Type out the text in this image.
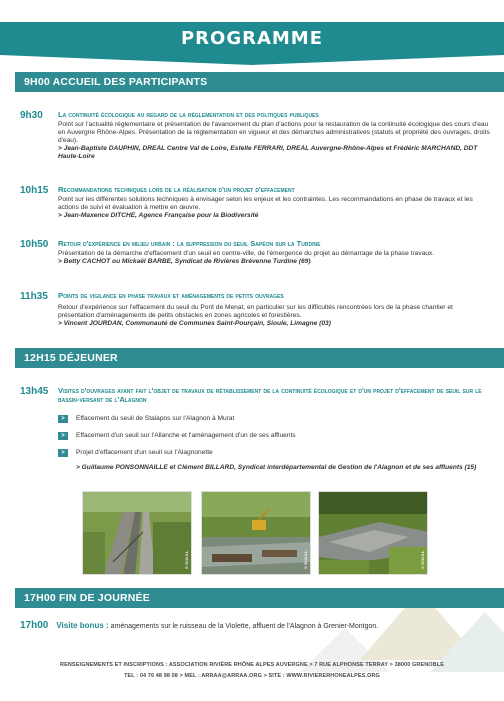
PROGRAMME
9H00 ACCUEIL DES PARTICIPANTS
9h30 La continuité écologique au regard de la réglementation et des politiques publiques
Point sur l'actualité réglementaire et présentation de l'avancement du plan d'actions pour la restauration de la continuité écologique des cours d'eau en Auvergne Rhône-Alpes. Présentation de la réglementation en vigueur et des démarches administratives (statuts et propriété des ouvrages, droits d'eau).
> Jean-Baptiste DAUPHIN, DREAL Centre Val de Loire, Estelle FERRARI, DREAL Auvergne-Rhône-Alpes et Frédéric MARCHAND, DDT Haute-Loire
10h15 Recommandations techniques lors de la réalisation d'un projet d'effacement
Point sur les différentes solutions techniques à envisager selon les enjeux et les contraintes. Les recommandations en phase de travaux et les actions de suivi et évaluation à mettre en œuvre.
> Jean-Maxence DITCHE, Agence Française pour la Biodiversité
10h50 Retour d'expérience en milieu urbain : la suppression du seuil Sapéon sur la Turdine
Présentation de la démarche d'effacement d'un seuil en centre-ville, de l'émergence du projet au démarrage de la phase travaux.
> Betty CACHOT ou Mickaël BARBE, Syndicat de Rivières Brévenne Turdine (69)
11h35 Points de vigilance en phase travaux et aménagements de petits ouvrages
Retour d'expérience sur l'effacement du seuil du Pont de Menat, en particulier sur les difficultés rencontrées lors de la phase chantier et présentation d'aménagements de petits obstacles en zones agricoles et forestières.
> Vincent JOURDAN, Communauté de Communes Saint-Pourçain, Sioule, Limagne (03)
12H15 DÉJEUNER
13h45 Visites d'ouvrages ayant fait l'objet de travaux de rétablissement de la continuité écologique et d'un projet d'effacement de seuil sur le bassin-versant de l'Alagnon
>	Effacement du seuil de Stalapos sur l'Alagnon à Murat
>	Effacement d'un seuil sur l'Allanche et l'aménagement d'un de ses affluents
>	Projet d'effacement d'un seuil sur l'Alagnonette
> Guillaume PONSONNAILLE et Clément BILLARD, Syndicat interdépartemental de Gestion de l'Alagnon et de ses affluents (15)
©SIGAL	©SIGAL	©SIGAL
17H00 FIN DE JOURNÉE
17h00 Visite bonus : aménagements sur le ruisseau de la Violette, affluent de l'Alagnon à Grenier-Montgon.
RENSEIGNEMENTS ET INSCRIPTIONS : ASSOCIATION RIVIÈRE RHÔNE ALPES AUVERGNE > 7 RUE ALPHONSE TERRAY > 38000 GRENOBLE
TEL : 04 76 48 98 08 > MEL : ARRAA@ARRAA.ORG > SITE : WWW.RIVIERERHONEALPES.ORG
